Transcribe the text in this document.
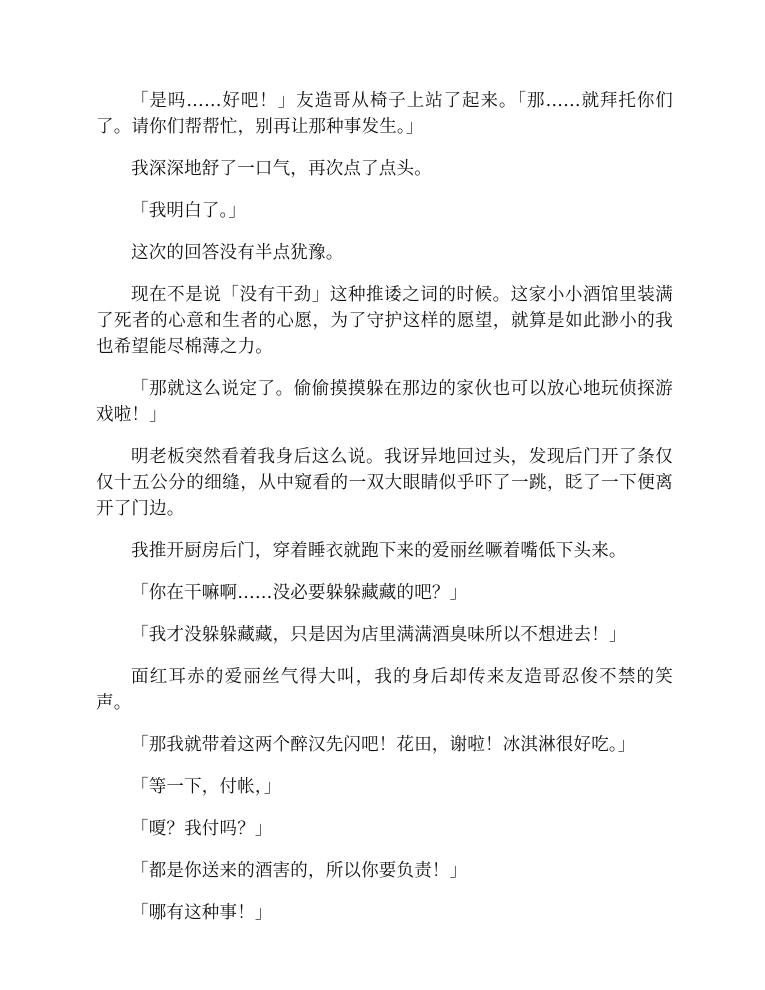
「是吗……好吧！」友造哥从椅子上站了起来。「那……就拜托你们了。请你们帮帮忙，别再让那种事发生。」

我深深地舒了一口气，再次点了点头。

「我明白了。」

这次的回答没有半点犹豫。

现在不是说「没有干劲」这种推诿之词的时候。这家小小酒馆里装满了死者的心意和生者的心愿，为了守护这样的愿望，就算是如此渺小的我也希望能尽棉薄之力。

「那就这么说定了。偷偷摸摸躲在那边的家伙也可以放心地玩侦探游戏啦！」

明老板突然看着我身后这么说。我讶异地回过头，发现后门开了条仅仅十五公分的细缝，从中窥看的一双大眼睛似乎吓了一跳，眨了一下便离开了门边。

我推开厨房后门，穿着睡衣就跑下来的爱丽丝噘着嘴低下头来。

「你在干嘛啊……没必要躲躲藏藏的吧？」

「我才没躲躲藏藏，只是因为店里满满酒臭味所以不想进去！」

面红耳赤的爱丽丝气得大叫，我的身后却传来友造哥忍俊不禁的笑声。

「那我就带着这两个醉汉先闪吧！花田，谢啦！冰淇淋很好吃。」

「等一下，付帐，」

「嗄？我付吗？」

「都是你送来的酒害的，所以你要负责！」

「哪有这种事！」
